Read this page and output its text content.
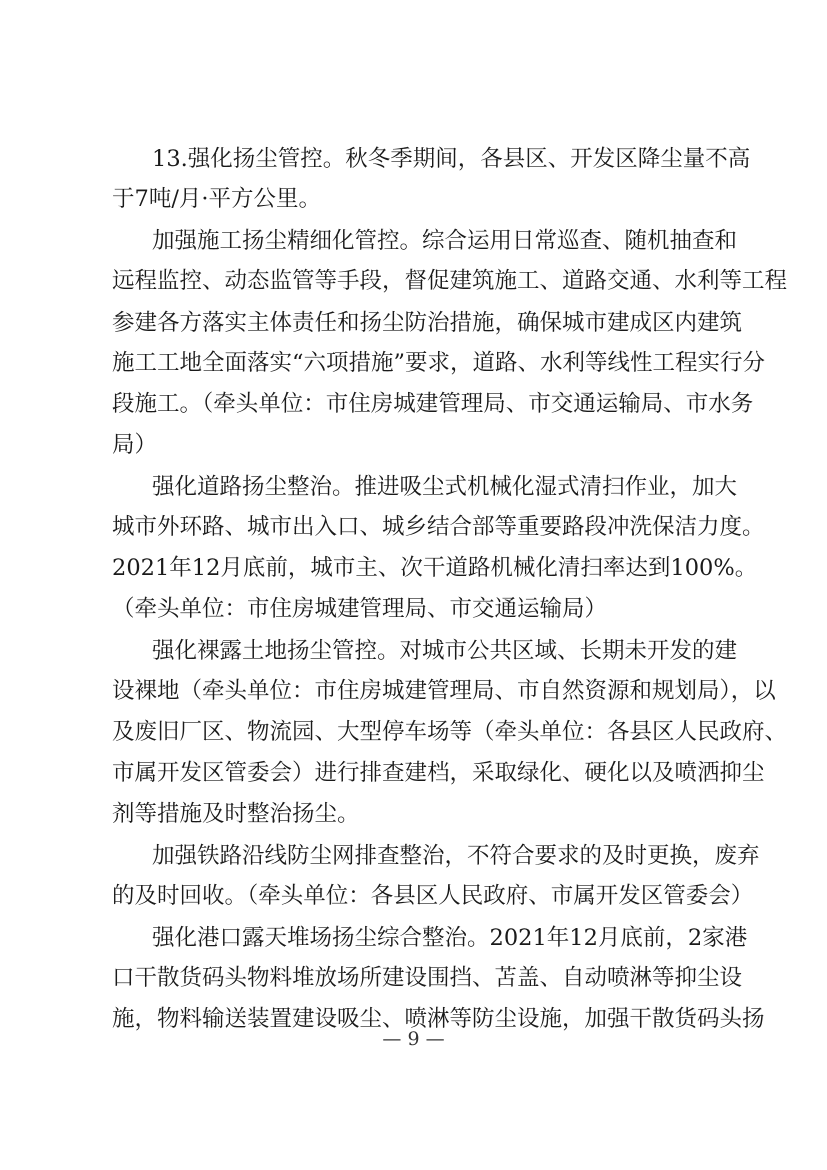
13.强化扬尘管控。秋冬季期间，各县区、开发区降尘量不高
于7吨/月·平方公里。
加强施工扬尘精细化管控。综合运用日常巡查、随机抽查和
远程监控、动态监管等手段，督促建筑施工、道路交通、水利等工程
参建各方落实主体责任和扬尘防治措施，确保城市建成区内建筑
施工工地全面落实“六项措施”要求，道路、水利等线性工程实行分
段施工。（牵头单位：市住房城建管理局、市交通运输局、市水务
局）
强化道路扬尘整治。推进吸尘式机械化湿式清扫作业，加大
城市外环路、城市出入口、城乡结合部等重要路段冲洗保洁力度。
2021年12月底前，城市主、次干道路机械化清扫率达到100%。
（牵头单位：市住房城建管理局、市交通运输局）
强化裸露土地扬尘管控。对城市公共区域、长期未开发的建
设裸地（牵头单位：市住房城建管理局、市自然资源和规划局），以
及废旧厂区、物流园、大型停车场等（牵头单位：各县区人民政府、
市属开发区管委会）进行排查建档，采取绿化、硬化以及喷洒抑尘
剂等措施及时整治扬尘。
加强铁路沿线防尘网排查整治，不符合要求的及时更换，废弃
的及时回收。（牵头单位：各县区人民政府、市属开发区管委会）
强化港口露天堆场扬尘综合整治。2021年12月底前，2家港
口干散货码头物料堆放场所建设围挡、苫盖、自动喷淋等抑尘设
施，物料输送装置建设吸尘、喷淋等防尘设施，加强干散货码头扬
— 9 —
